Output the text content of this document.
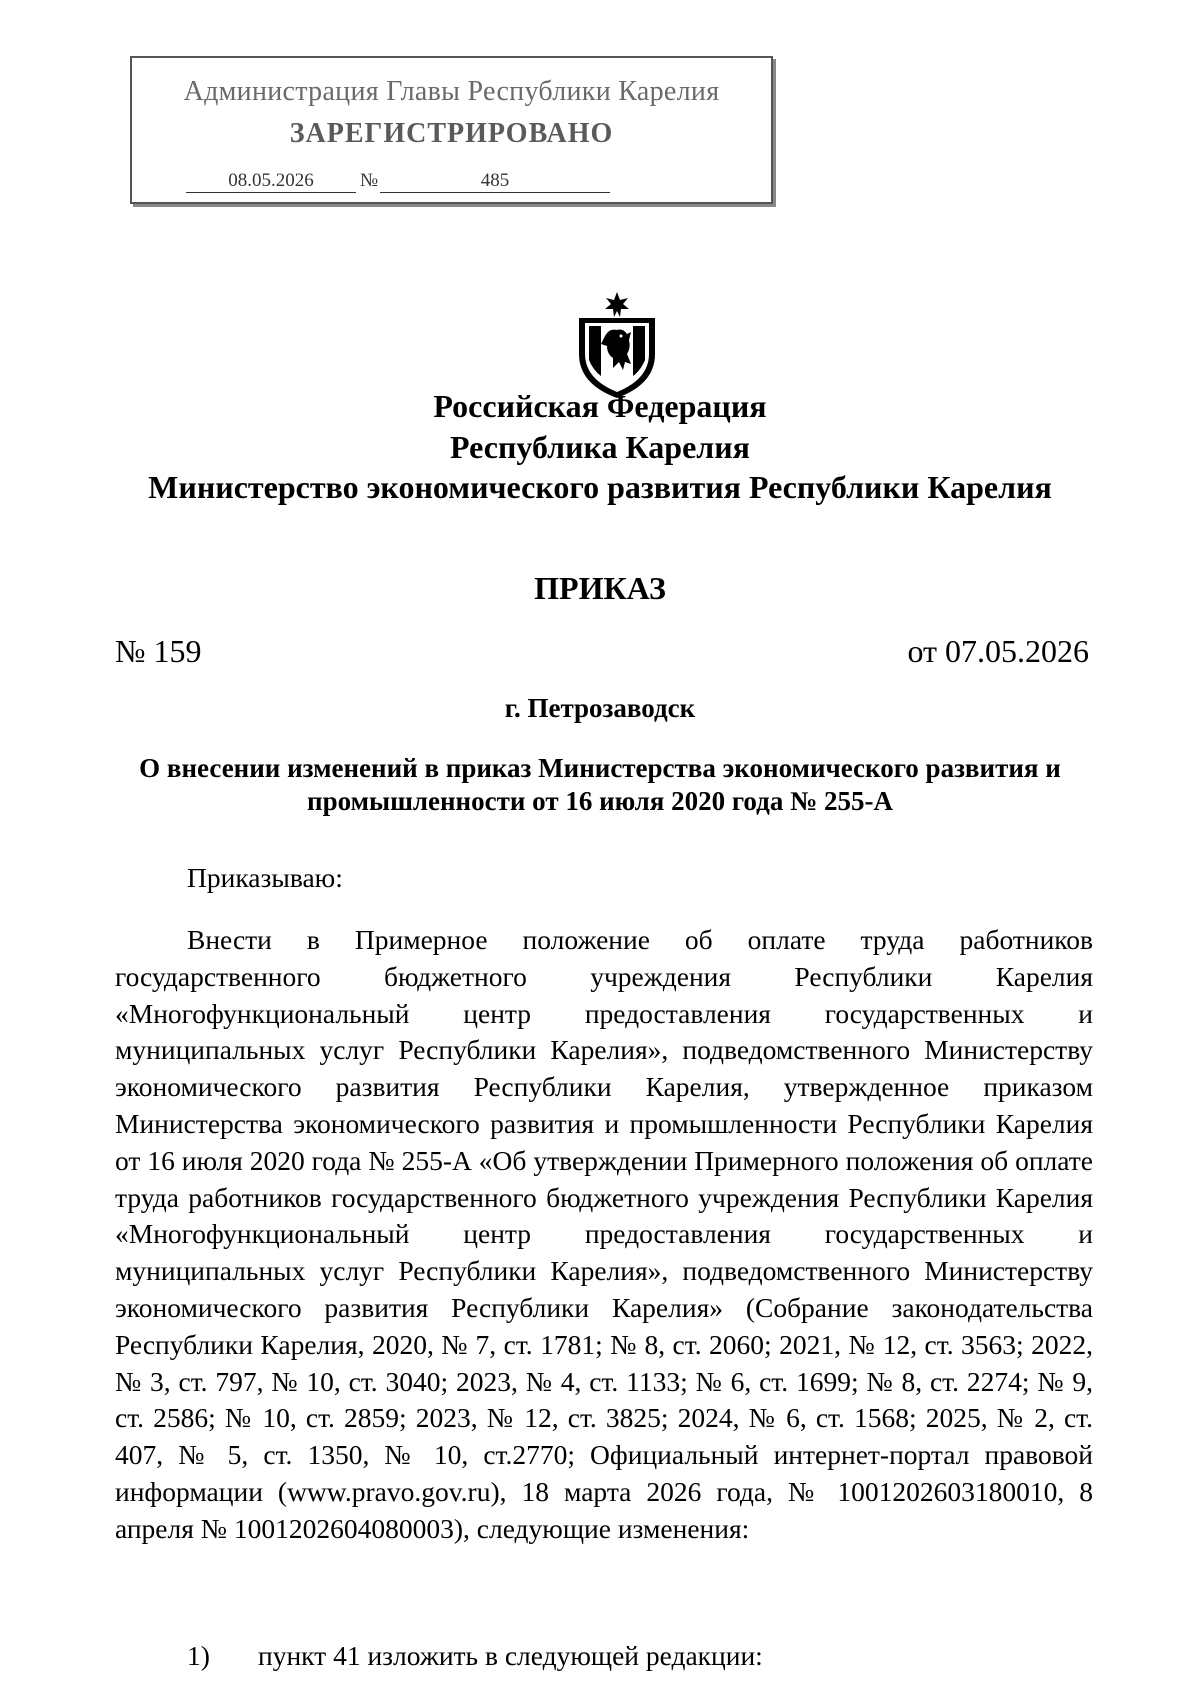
Администрация Главы Республики Карелия
ЗАРЕГИСТРИРОВАНО
08.05.2026	№	485
Российская Федерация
Республика Карелия
Министерство экономического развития Республики Карелия
ПРИКАЗ
№ 159	от 07.05.2026
г. Петрозаводск
О внесении изменений в приказ Министерства экономического развития и промышленности от 16 июля 2020 года № 255-А
Приказываю:
Внести в Примерное положение об оплате труда работников государственного бюджетного учреждения Республики Карелия «Многофункциональный центр предоставления государственных и муниципальных услуг Республики Карелия», подведомственного Министерству экономического развития Республики Карелия, утвержденное приказом Министерства экономического развития и промышленности Республики Карелия от 16 июля 2020 года № 255-А «Об утверждении Примерного положения об оплате труда работников государственного бюджетного учреждения Республики Карелия «Многофункциональный центр предоставления государственных и муниципальных услуг Республики Карелия», подведомственного Министерству экономического развития Республики Карелия» (Собрание законодательства Республики Карелия, 2020, № 7, ст. 1781; № 8, ст. 2060; 2021, № 12, ст. 3563; 2022, № 3, ст. 797, № 10, ст. 3040; 2023, № 4, ст. 1133; № 6, ст. 1699; № 8, ст. 2274; № 9, ст. 2586; № 10, ст. 2859; 2023, № 12, ст. 3825; 2024, № 6, ст. 1568; 2025, № 2, ст. 407, № 5, ст. 1350, № 10, ст.2770; Официальный интернет-портал правовой информации (www.pravo.gov.ru), 18 марта 2026 года, № 1001202603180010, 8 апреля № 1001202604080003), следующие изменения:
1) пункт 41 изложить в следующей редакции:
